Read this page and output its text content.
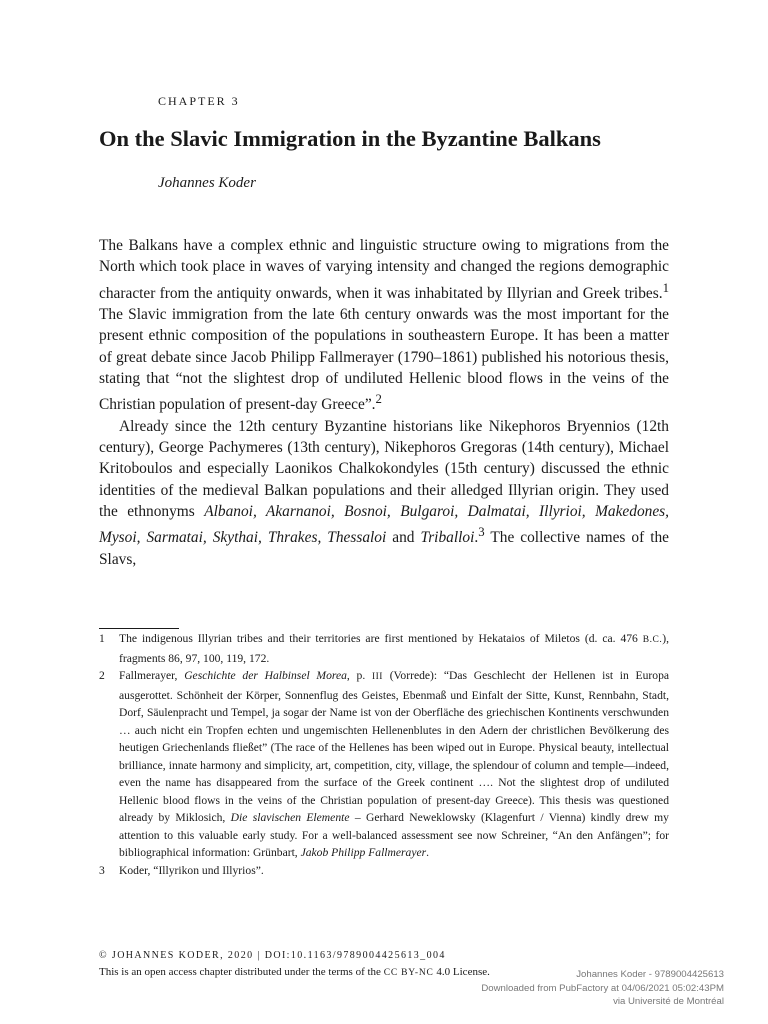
CHAPTER 3
On the Slavic Immigration in the Byzantine Balkans
Johannes Koder

The Balkans have a complex ethnic and linguistic structure owing to migrations from the North which took place in waves of varying intensity and changed the regions demographic character from the antiquity onwards, when it was inhabitated by Illyrian and Greek tribes.$^1$ The Slavic immigration from the late 6th century onwards was the most important for the present ethnic composition of the populations in southeastern Europe. It has been a matter of great debate since Jacob Philipp Fallmerayer (1790–1861) published his notorious thesis, stating that “not the slightest drop of undiluted Hellenic blood flows in the veins of the Christian population of present-day Greece”.$^2$

Already since the 12th century Byzantine historians like Nikephoros Bryennios (12th century), George Pachymeres (13th century), Nikephoros Gregoras (14th century), Michael Kritoboulos and especially Laonikos Chalkokondyles (15th century) discussed the ethnic identities of the medieval Balkan populations and their alledged Illyrian origin. They used the ethnonyms Albanoi, Akarnanoi, Bosnoi, Bulgaroi, Dalmatai, Illyrioi, Makedones, Mysoi, Sarmatai, Skythai, Thrakes, Thessaloi and Triballoi.$^3$ The collective names of the Slavs,

1	The indigenous Illyrian tribes and their territories are first mentioned by Hekataios of Miletos (d. ca. 476 B.C.), fragments 86, 97, 100, 119, 172.
2	Fallmerayer, Geschichte der Halbinsel Morea, p. III (Vorrede): “Das Geschlecht der Hellenen ist in Europa ausgerottet. Schönheit der Körper, Sonnenflug des Geistes, Ebenmaß und Einfalt der Sitte, Kunst, Rennbahn, Stadt, Dorf, Säulenpracht und Tempel, ja sogar der Name ist von der Oberfläche des griechischen Kontinents verschwunden … auch nicht ein Tropfen echten und ungemischten Hellenenblutes in den Adern der christlichen Bevölkerung des heutigen Griechenlands fließet” (The race of the Hellenes has been wiped out in Europe. Physical beauty, intellectual brilliance, innate harmony and simplicity, art, competition, city, village, the splendour of column and temple—indeed, even the name has disappeared from the surface of the Greek continent …. Not the slightest drop of undiluted Hellenic blood flows in the veins of the Christian population of present-day Greece). This thesis was questioned already by Miklosich, Die slavischen Elemente – Gerhard Neweklowsky (Klagenfurt / Vienna) kindly drew my attention to this valuable early study. For a well-balanced assessment see now Schreiner, “An den Anfängen”; for bibliographical information: Grünbart, Jakob Philipp Fallmerayer.
3	Koder, “Illyrikon und Illyrios”.
© JOHANNES KODER, 2020 | DOI:10.1163/9789004425613_004
This is an open access chapter distributed under the terms of the CC BY-NC 4.0 License.	Johannes Koder - 9789004425613
Downloaded from PubFactory at 04/06/2021 05:02:43PM
via Université de Montréal
